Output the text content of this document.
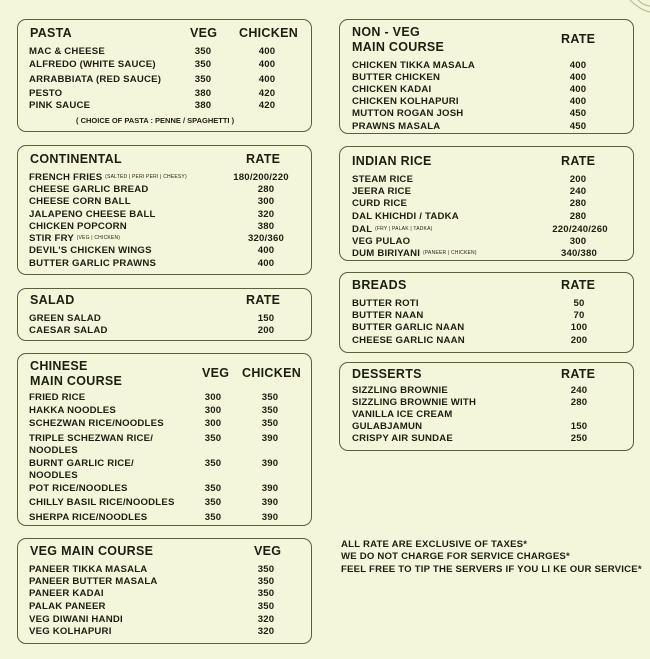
PASTA	VEG CHICKEN
MAC & CHEESE	350	400
ALFREDO (WHITE SAUCE)	350	400
ARRABBIATA (RED SAUCE)	350	400
PESTO	380	420
PINK SAUCE	380	420
( CHOICE OF PASTA : PENNE / SPAGHETTI )
CONTINENTAL	RATE
FRENCH FRIES (SALTED | PERI PERI | CHEESY)	180/200/220
CHEESE GARLIC BREAD	280
CHEESE CORN BALL	300
JALAPENO CHEESE BALL	320
CHICKEN POPCORN	380
STIR FRY (VEG | CHICKEN)	320/360
DEVIL'S CHICKEN WINGS	400
BUTTER GARLIC PRAWNS	400
SALAD	RATE
GREEN SALAD	150
CAESAR SALAD	200
CHINESE
MAIN COURSE
VEG CHICKEN
FRIED RICE	300	350
HAKKA NOODLES	300	350
SCHEZWAN RICE/NOODLES	300	350
TRIPLE SCHEZWAN RICE/	350	390
NOODLES
BURNT GARLIC RICE/	350	390
NOODLES
POT RICE/NOODLES	350	390
CHILLY BASIL RICE/NOODLES	350	390
SHERPA RICE/NOODLES	350	390
VEG MAIN COURSE	VEG
PANEER TIKKA MASALA	350
PANEER BUTTER MASALA	350
PANEER KADAI	350
PALAK PANEER	350
VEG DIWANI HANDI	320
VEG KOLHAPURI	320
NON - VEG
MAIN COURSE
RATE
CHICKEN TIKKA MASALA	400
BUTTER CHICKEN	400
CHICKEN KADAI	400
CHICKEN KOLHAPURI	400
MUTTON ROGAN JOSH	450
PRAWNS MASALA	450
INDIAN RICE	RATE
STEAM RICE	200
JEERA RICE	240
CURD RICE	280
DAL KHICHDI / TADKA	280
DAL (FRY | PALAK | TADKA)	220/240/260
VEG PULAO	300
DUM BIRIYANI (PANEER | CHICKEN)	340/380
BREADS	RATE
BUTTER ROTI	50
BUTTER NAAN	70
BUTTER GARLIC NAAN	100
CHEESE GARLIC NAAN	200
DESSERTS	RATE
SIZZLING BROWNIE	240
SIZZLING BROWNIE WITH	280
VANILLA ICE CREAM
GULABJAMUN	150
CRISPY AIR SUNDAE	250
ALL RATE ARE EXCLUSIVE OF TAXES*
WE DO NOT CHARGE FOR SERVICE CHARGES*
FEEL FREE TO TIP THE SERVERS IF YOU LI KE OUR SERVICE*
